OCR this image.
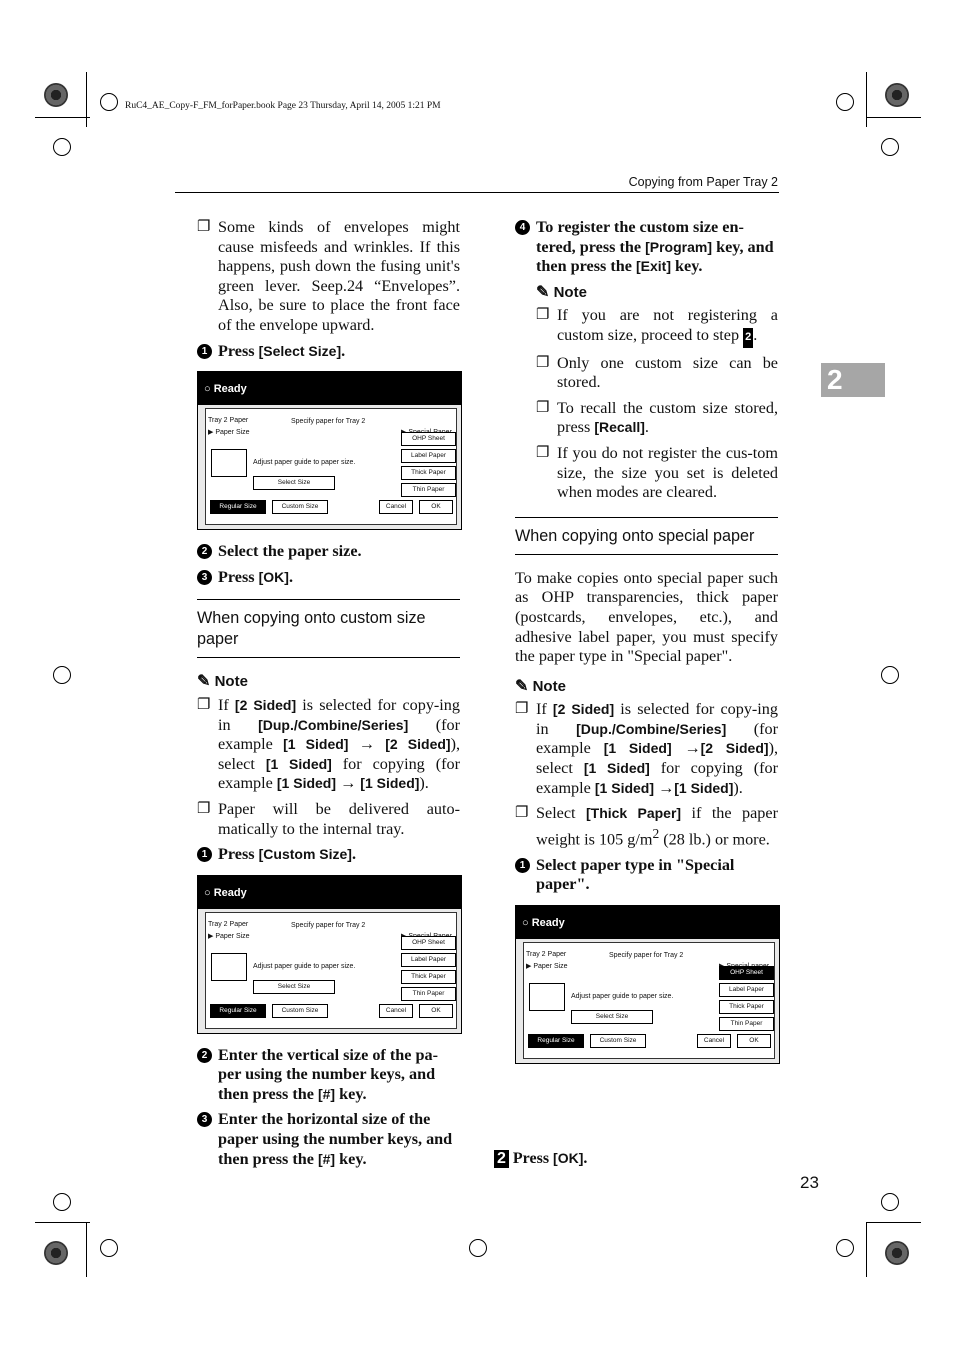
RuC4_AE_Copy-F_FM_forPaper.book Page 23 Thursday, April 14, 2005 1:21 PM
Copying from Paper Tray 2
2
23
❐ Some kinds of envelopes might cause misfeeds and wrinkles. If this happens, push down the fusing unit's green lever. Seep.24 “Envelopes”. Also, be sure to place the front face of the envelope upward.
1 Press [Select Size].
○ Ready
Tray 2 Paper	Specify paper for Tray 2
▶ Paper Size
Adjust paper guide to paper size.
OHP Sheet
Label Paper
Thick Paper
Thin Paper
Select Size
Regular Size	Custom Size	Cancel	OK
2 Select the paper size.
3 Press [OK].
When copying onto custom size paper
✎ Note
❐ If [2 Sided] is selected for copy-ing in [Dup./Combine/Series] (for example [1 Sided] → [2 Sided]), select [1 Sided] for copying (for example [1 Sided] → [1 Sided]).
❐ Paper will be delivered auto-matically to the internal tray.
1 Press [Custom Size].
○ Ready
Tray 2 Paper	Specify paper for Tray 2
▶ Paper Size
Adjust paper guide to paper size.
OHP Sheet
Label Paper
Thick Paper
Thin Paper
Select Size
Regular Size	Custom Size	Cancel	OK
2 Enter the vertical size of the pa-per using the number keys, and then press the [#] key.
3 Enter the horizontal size of the paper using the number keys, and then press the [#] key.
4 To register the custom size en-tered, press the [Program] key, and then press the [Exit] key.
✎ Note
❐ If you are not registering a custom size, proceed to step 2 .
❐ Only one custom size can be stored.
❐ To recall the custom size stored, press [Recall].
❐ If you do not register the cus-tom size, the size you set is deleted when modes are cleared.
When copying onto special paper
To make copies onto special paper such as OHP transparencies, thick paper (postcards, envelopes, etc.), and adhesive label paper, you must specify the paper type in "Special paper".
✎ Note
❐ If [2 Sided] is selected for copy-ing in [Dup./Combine/Series] (for example [1 Sided] →[2 Sided]), select [1 Sided] for copying (for example [1 Sided] →[1 Sided]).
❐ Select [Thick Paper] if the paper weight is 105 $g/m^2$ (28 lb.) or more.
1 Select paper type in "Special paper".
○ Ready
Tray 2 Paper	Specify paper for Tray 2
▶ Paper Size
Adjust paper guide to paper size.
OHP Sheet
Label Paper
Thick Paper
Thin Paper
Select Size
Regular Size	Custom Size	Cancel	OK
2 Press [OK].
